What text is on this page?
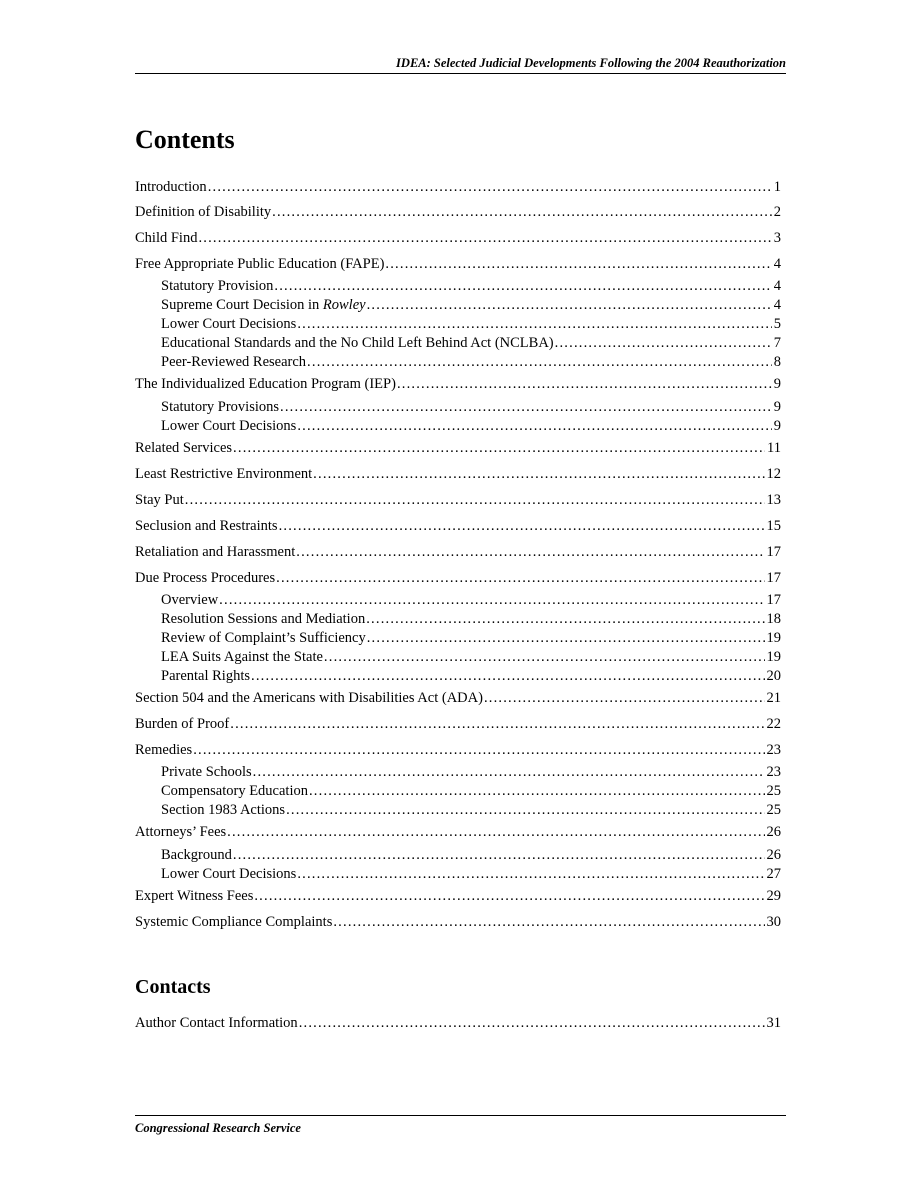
IDEA: Selected Judicial Developments Following the 2004 Reauthorization
Contents
Introduction .....	1
Definition of Disability .....	2
Child Find .....	3
Free Appropriate Public Education (FAPE) .....	4
Statutory Provision .....	4
Supreme Court Decision in Rowley .....	4
Lower Court Decisions .....	5
Educational Standards and the No Child Left Behind Act (NCLBA) .....	7
Peer-Reviewed Research .....	8
The Individualized Education Program (IEP) .....	9
Statutory Provisions .....	9
Lower Court Decisions .....	9
Related Services .....	11
Least Restrictive Environment .....	12
Stay Put .....	13
Seclusion and Restraints .....	15
Retaliation and Harassment .....	17
Due Process Procedures .....	17
Overview .....	17
Resolution Sessions and Mediation .....	18
Review of Complaint’s Sufficiency .....	19
LEA Suits Against the State .....	19
Parental Rights .....	20
Section 504 and the Americans with Disabilities Act (ADA) .....	21
Burden of Proof .....	22
Remedies .....	23
Private Schools .....	23
Compensatory Education .....	25
Section 1983 Actions .....	25
Attorneys’ Fees .....	26
Background .....	26
Lower Court Decisions .....	27
Expert Witness Fees .....	29
Systemic Compliance Complaints .....	30
Contacts
Author Contact Information .....	31
Congressional Research Service
